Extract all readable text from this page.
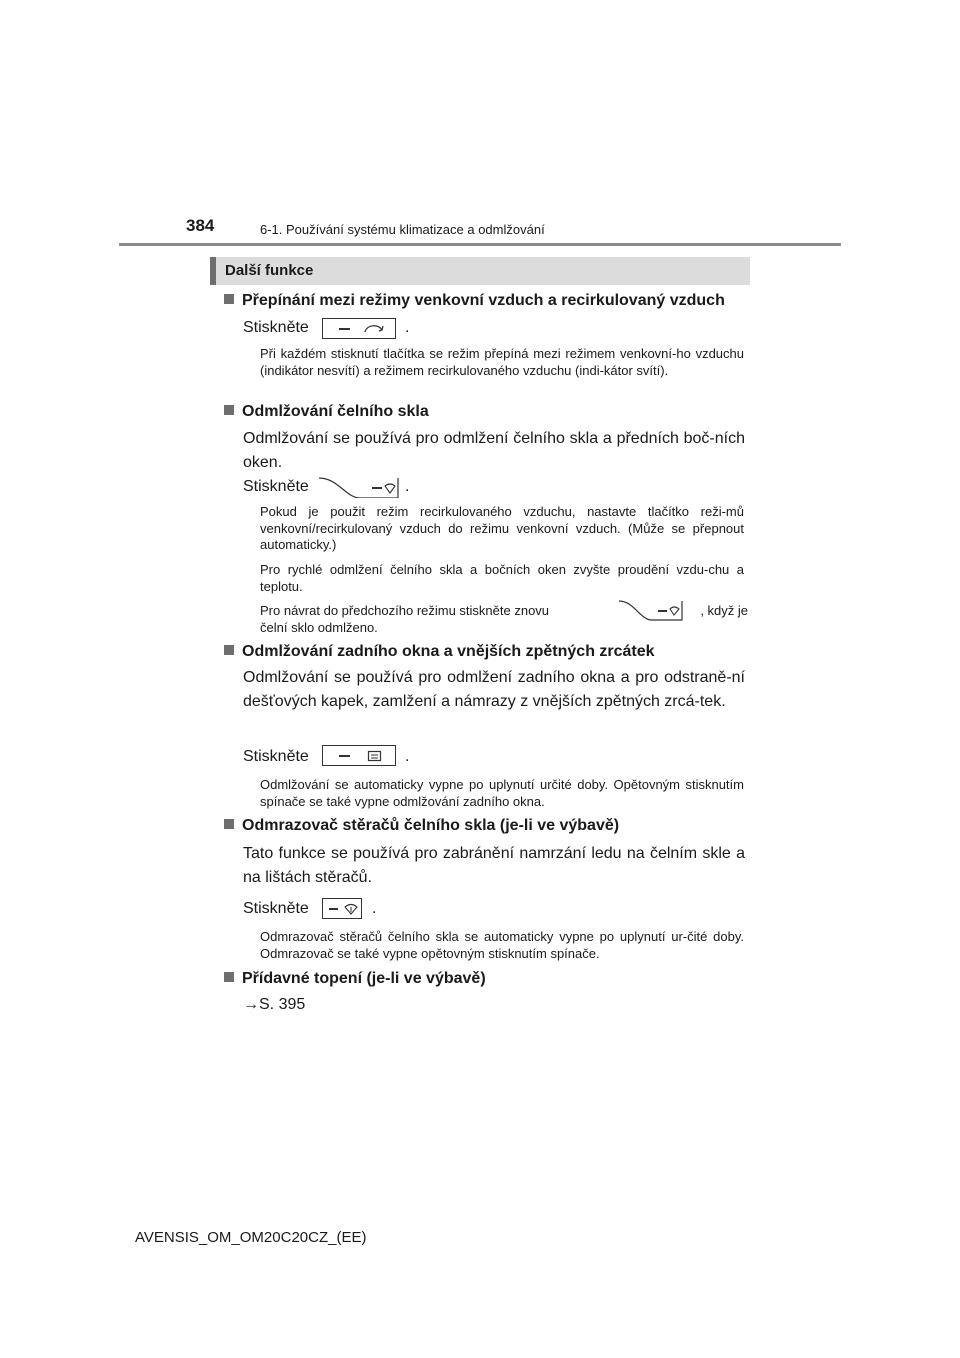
384	6-1. Používání systému klimatizace a odmlžování
Další funkce
Přepínání mezi režimy venkovní vzduch a recirkulovaný vzduch
Stiskněte	.
Při každém stisknutí tlačítka se režim přepíná mezi režimem venkovní-ho vzduchu (indikátor nesvítí) a režimem recirkulovaného vzduchu (indi-kátor svítí).
Odmlžování čelního skla
Odmlžování se používá pro odmlžení čelního skla a předních boč-ních oken.
Stiskněte	.
Pokud je použit režim recirkulovaného vzduchu, nastavte tlačítko reži-mů venkovní/recirkulovaný vzduch do režimu venkovní vzduch. (Může se přepnout automaticky.)
Pro rychlé odmlžení čelního skla a bočních oken zvyšte proudění vzdu-chu a teplotu.
Pro návrat do předchozího režimu stiskněte znovu	, když je
čelní sklo odmlženo.
Odmlžování zadního okna a vnějších zpětných zrcátek
Odmlžování se používá pro odmlžení zadního okna a pro odstraně-ní dešťových kapek, zamlžení a námrazy z vnějších zpětných zrcá-tek.
Stiskněte	.
Odmlžování se automaticky vypne po uplynutí určité doby. Opětovným stisknutím spínače se také vypne odmlžování zadního okna.
Odmrazovač stěračů čelního skla (je-li ve výbavě)
Tato funkce se používá pro zabránění namrzání ledu na čelním skle a na lištách stěračů.
Stiskněte	.
Odmrazovač stěračů čelního skla se automaticky vypne po uplynutí ur-čité doby. Odmrazovač se také vypne opětovným stisknutím spínače.
Přídavné topení (je-li ve výbavě)
→S. 395
AVENSIS_OM_OM20C20CZ_(EE)
